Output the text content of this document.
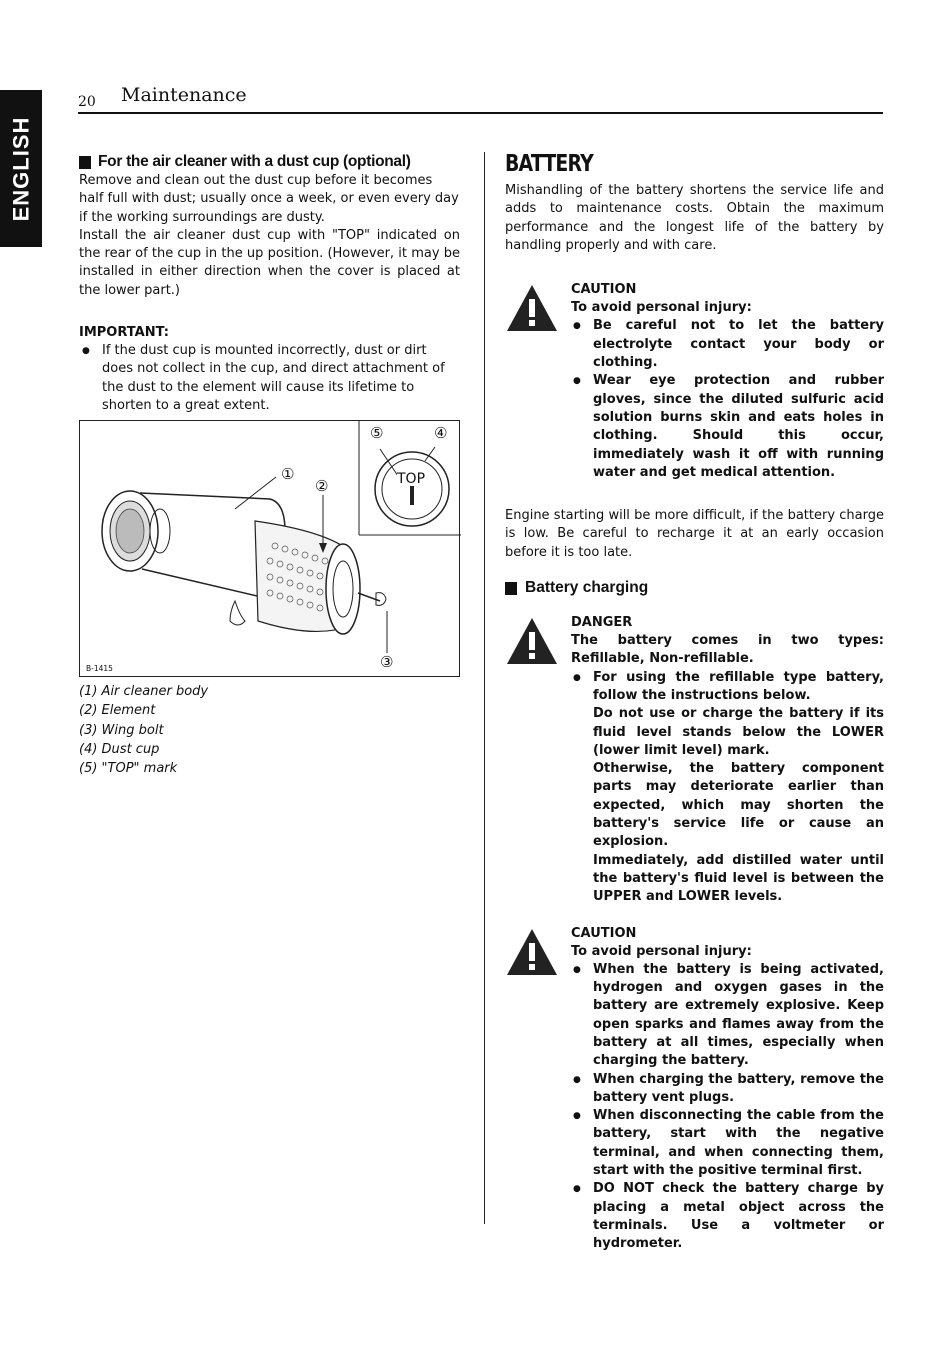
ENGLISH
20 Maintenance
For the air cleaner with a dust cup (optional)

Remove and clean out the dust cup before it becomes half full with dust; usually once a week, or even every day if the working surroundings are dusty.

Install the air cleaner dust cup with "TOP" indicated on the rear of the cup in the up position. (However, it may be installed in either direction when the cover is placed at the lower part.)

IMPORTANT:
● If the dust cup is mounted incorrectly, dust or dirt does not collect in the cup, and direct attachment of the dust to the element will cause its lifetime to shorten to a great extent.
①
②
③
④
⑤
TOP
B-1415
(1) Air cleaner body
(2) Element
(3) Wing bolt
(4) Dust cup
(5) "TOP" mark
BATTERY

Mishandling of the battery shortens the service life and adds to maintenance costs. Obtain the maximum performance and the longest life of the battery by handling properly and with care.

CAUTION
To avoid personal injury:
● Be careful not to let the battery electrolyte contact your body or clothing.
● Wear eye protection and rubber gloves, since the diluted sulfuric acid solution burns skin and eats holes in clothing. Should this occur, immediately wash it off with running water and get medical attention.

Engine starting will be more difficult, if the battery charge is low. Be careful to recharge it at an early occasion before it is too late.

Battery charging
DANGER
The battery comes in two types: Refillable, Non-refillable.
● For using the refillable type battery, follow the instructions below.
Do not use or charge the battery if its fluid level stands below the LOWER (lower limit level) mark.
Otherwise, the battery component parts may deteriorate earlier than expected, which may shorten the battery's service life or cause an explosion.
Immediately, add distilled water until the battery's fluid level is between the UPPER and LOWER levels.
CAUTION
To avoid personal injury:
● When the battery is being activated, hydrogen and oxygen gases in the battery are extremely explosive. Keep open sparks and flames away from the battery at all times, especially when charging the battery.
● When charging the battery, remove the battery vent plugs.
● When disconnecting the cable from the battery, start with the negative terminal, and when connecting them, start with the positive terminal first.
● DO NOT check the battery charge by placing a metal object across the terminals. Use a voltmeter or hydrometer.
